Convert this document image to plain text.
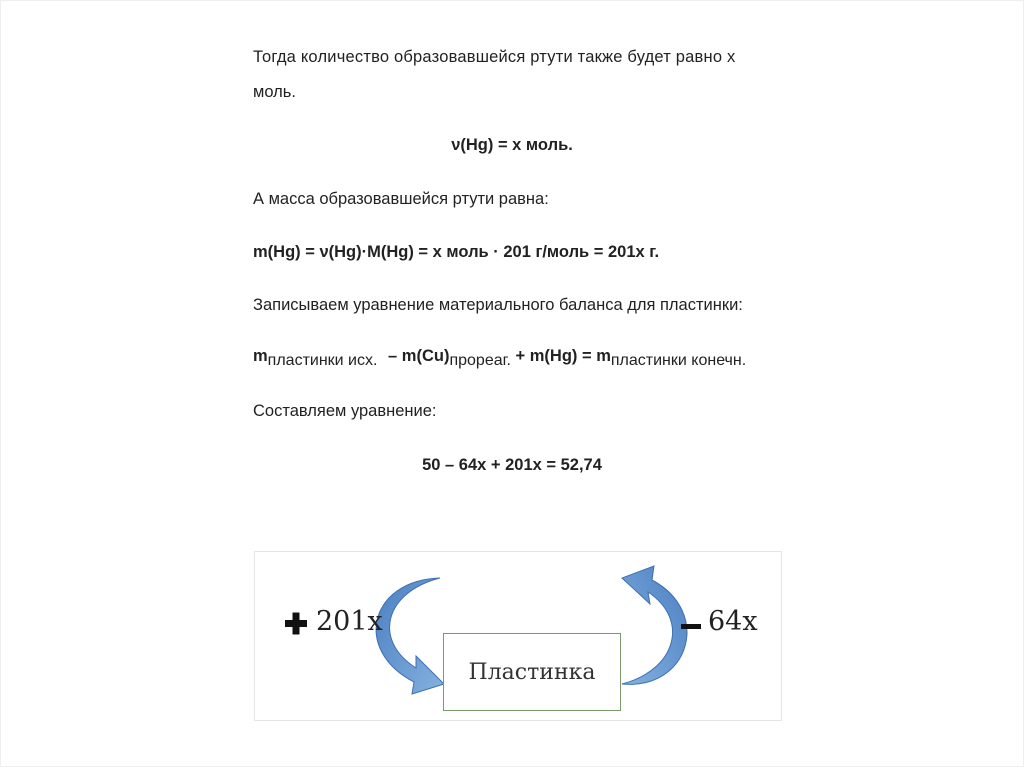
Тогда количество образовавшейся ртути также будет равно х
моль.
ν(Hg) = х моль.
А масса образовавшейся ртути равна:
m(Hg) = ν(Hg)·M(Hg) = х моль · 201 г/моль = 201х г.
Записываем уравнение материального баланса для пластинки:
mпластинки исх. – m(Cu)прореаг. + m(Hg) = mпластинки конечн.
Составляем уравнение:
50 – 64х + 201х = 52,74
201x	64x
Пластинка
